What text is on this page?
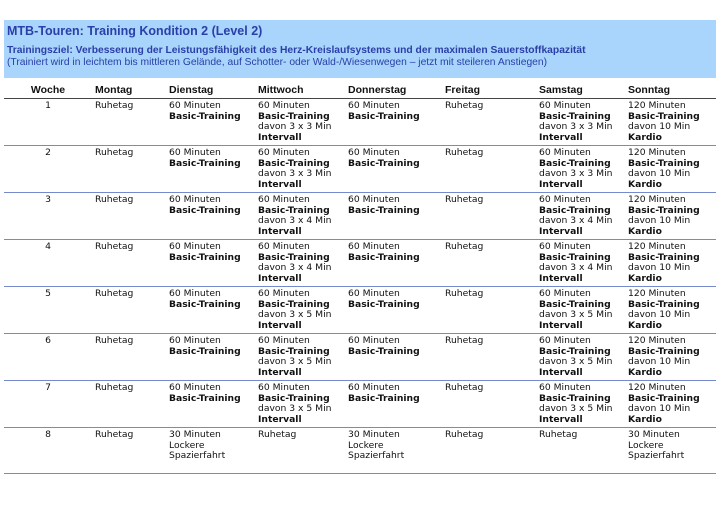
MTB-Touren: Training Kondition 2 (Level 2)
Trainingsziel: Verbesserung der Leistungsfähigkeit des Herz-Kreislaufsystems und der maximalen Sauerstoffkapazität
(Trainiert wird in leichtem bis mittleren Gelände, auf Schotter- oder Wald-/Wiesenwegen – jetzt mit steileren Anstiegen)
Woche	Montag	Dienstag	Mittwoch	Donnerstag	Freitag	Samstag	Sonntag
1	Ruhetag	60 Minuten
Basic-Training	60 Minuten
Basic-Training
davon 3 x 3 Min
Intervall	60 Minuten
Basic-Training	Ruhetag	60 Minuten
Basic-Training
davon 3 x 3 Min
Intervall	120 Minuten
Basic-Training
davon 10 Min
Kardio

2	Ruhetag	60 Minuten
Basic-Training	60 Minuten
Basic-Training
davon 3 x 3 Min
Intervall	60 Minuten
Basic-Training	Ruhetag	60 Minuten
Basic-Training
davon 3 x 3 Min
Intervall	120 Minuten
Basic-Training
davon 10 Min
Kardio

3	Ruhetag	60 Minuten
Basic-Training	60 Minuten
Basic-Training
davon 3 x 4 Min
Intervall	60 Minuten
Basic-Training	Ruhetag	60 Minuten
Basic-Training
davon 3 x 4 Min
Intervall	120 Minuten
Basic-Training
davon 10 Min
Kardio

4	Ruhetag	60 Minuten
Basic-Training	60 Minuten
Basic-Training
davon 3 x 4 Min
Intervall	60 Minuten
Basic-Training	Ruhetag	60 Minuten
Basic-Training
davon 3 x 4 Min
Intervall	120 Minuten
Basic-Training
davon 10 Min
Kardio

5	Ruhetag	60 Minuten
Basic-Training	60 Minuten
Basic-Training
davon 3 x 5 Min
Intervall	60 Minuten
Basic-Training	Ruhetag	60 Minuten
Basic-Training
davon 3 x 5 Min
Intervall	120 Minuten
Basic-Training
davon 10 Min
Kardio

6	Ruhetag	60 Minuten
Basic-Training	60 Minuten
Basic-Training
davon 3 x 5 Min
Intervall	60 Minuten
Basic-Training	Ruhetag	60 Minuten
Basic-Training
davon 3 x 5 Min
Intervall	120 Minuten
Basic-Training
davon 10 Min
Kardio

7	Ruhetag	60 Minuten
Basic-Training	60 Minuten
Basic-Training
davon 3 x 5 Min
Intervall	60 Minuten
Basic-Training	Ruhetag	60 Minuten
Basic-Training
davon 3 x 5 Min
Intervall	120 Minuten
Basic-Training
davon 10 Min
Kardio

8	Ruhetag	30 Minuten
Lockere
Spazierfahrt	Ruhetag	30 Minuten
Lockere
Spazierfahrt	Ruhetag	Ruhetag	30 Minuten
Lockere
Spazierfahrt
